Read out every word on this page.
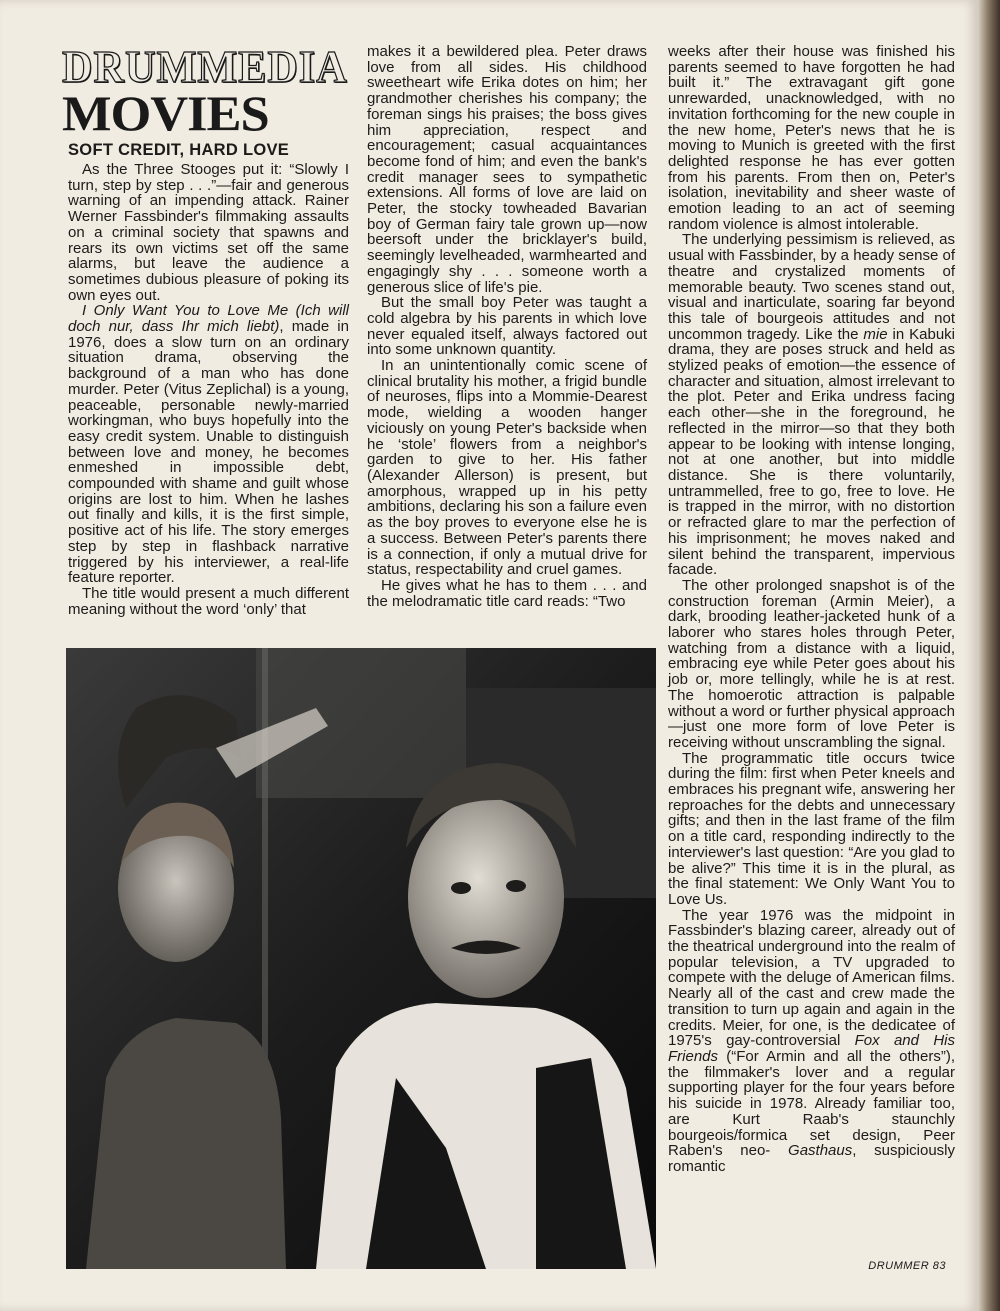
DRUMMEDIA
MOVIES

SOFT CREDIT, HARD LOVE

As the Three Stooges put it: “Slowly I turn, step by step . . .”—fair and generous warning of an impending attack. Rainer Werner Fassbinder's filmmaking assaults on a criminal society that spawns and rears its own victims set off the same alarms, but leave the audience a sometimes dubious pleasure of poking its own eyes out.

I Only Want You to Love Me (Ich will doch nur, dass Ihr mich liebt), made in 1976, does a slow turn on an ordinary situation drama, observing the background of a man who has done murder. Peter (Vitus Zeplichal) is a young, peaceable, personable newly-married workingman, who buys hopefully into the easy credit system. Unable to distinguish between love and money, he becomes enmeshed in impossible debt, compounded with shame and guilt whose origins are lost to him. When he lashes out finally and kills, it is the first simple, positive act of his life. The story emerges step by step in flashback narrative triggered by his interviewer, a real-life feature reporter.

The title would present a much different meaning without the word ‘only’ that

makes it a bewildered plea. Peter draws love from all sides. His childhood sweetheart wife Erika dotes on him; her grandmother cherishes his company; the foreman sings his praises; the boss gives him appreciation, respect and encouragement; casual acquaintances become fond of him; and even the bank's credit manager sees to sympathetic extensions. All forms of love are laid on Peter, the stocky towheaded Bavarian boy of German fairy tale grown up—now beersoft under the bricklayer's build, seemingly levelheaded, warmhearted and engagingly shy . . . someone worth a generous slice of life's pie.

But the small boy Peter was taught a cold algebra by his parents in which love never equaled itself, always factored out into some unknown quantity.

In an unintentionally comic scene of clinical brutality his mother, a frigid bundle of neuroses, flips into a Mommie-Dearest mode, wielding a wooden hanger viciously on young Peter's backside when he ‘stole’ flowers from a neighbor's garden to give to her. His father (Alexander Allerson) is present, but amorphous, wrapped up in his petty ambitions, declaring his son a failure even as the boy proves to everyone else he is a success. Between Peter's parents there is a connection, if only a mutual drive for status, respectability and cruel games.

He gives what he has to them . . . and the melodramatic title card reads: “Two

weeks after their house was finished his parents seemed to have forgotten he had built it.” The extravagant gift gone unrewarded, unacknowledged, with no invitation forthcoming for the new couple in the new home, Peter's news that he is moving to Munich is greeted with the first delighted response he has ever gotten from his parents. From then on, Peter's isolation, inevitability and sheer waste of emotion leading to an act of seeming random violence is almost intolerable.

The underlying pessimism is relieved, as usual with Fassbinder, by a heady sense of theatre and crystalized moments of memorable beauty. Two scenes stand out, visual and inarticulate, soaring far beyond this tale of bourgeois attitudes and not uncommon tragedy. Like the mie in Kabuki drama, they are poses struck and held as stylized peaks of emotion—the essence of character and situation, almost irrelevant to the plot. Peter and Erika undress facing each other—she in the foreground, he reflected in the mirror—so that they both appear to be looking with intense longing, not at one another, but into middle distance. She is there voluntarily, untrammelled, free to go, free to love. He is trapped in the mirror, with no distortion or refracted glare to mar the perfection of his imprisonment; he moves naked and silent behind the transparent, impervious facade.

The other prolonged snapshot is of the construction foreman (Armin Meier), a dark, brooding leather-jacketed hunk of a laborer who stares holes through Peter, watching from a distance with a liquid, embracing eye while Peter goes about his job or, more tellingly, while he is at rest. The homoerotic attraction is palpable without a word or further physical approach—just one more form of love Peter is receiving without unscrambling the signal.

The programmatic title occurs twice during the film: first when Peter kneels and embraces his pregnant wife, answering her reproaches for the debts and unnecessary gifts; and then in the last frame of the film on a title card, responding indirectly to the interviewer's last question: “Are you glad to be alive?” This time it is in the plural, as the final statement: We Only Want You to Love Us.

The year 1976 was the midpoint in Fassbinder's blazing career, already out of the theatrical underground into the realm of popular television, a TV upgraded to compete with the deluge of American films. Nearly all of the cast and crew made the transition to turn up again and again in the credits. Meier, for one, is the dedicatee of 1975's gay-controversial Fox and His Friends (“For Armin and all the others”), the filmmaker's lover and a regular supporting player for the four years before his suicide in 1978. Already familiar too, are Kurt Raab's staunchly bourgeois/formica set design, Peer Raben's neo- Gasthaus, suspiciously romantic

DRUMMER 83
